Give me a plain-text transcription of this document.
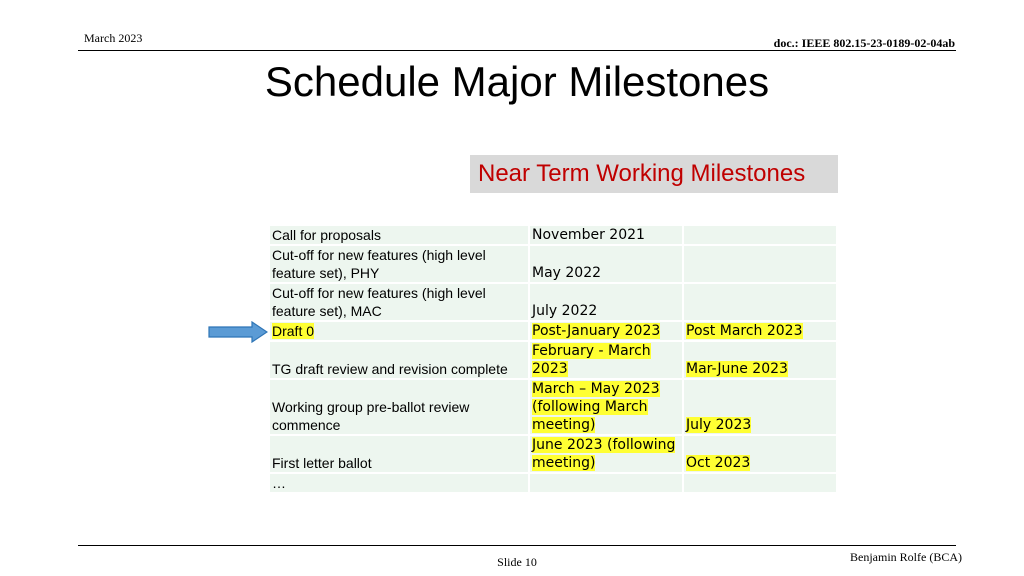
March 2023	doc.: IEEE 802.15-23-0189-02-04ab
Schedule Major Milestones
Near Term Working Milestones
Call for proposals	November 2021	
Cut-off for new features (high level feature set), PHY	May 2022	
Cut-off for new features (high level feature set), MAC	July 2022	
Draft 0	Post-January 2023	Post March 2023
TG draft review and revision complete	February - March 2023	Mar-June 2023
Working group pre-ballot review commence	March – May 2023 (following March meeting)	July 2023
First letter ballot	June 2023 (following meeting)	Oct 2023
…		
Benjamin Rolfe (BCA)
Slide 10
